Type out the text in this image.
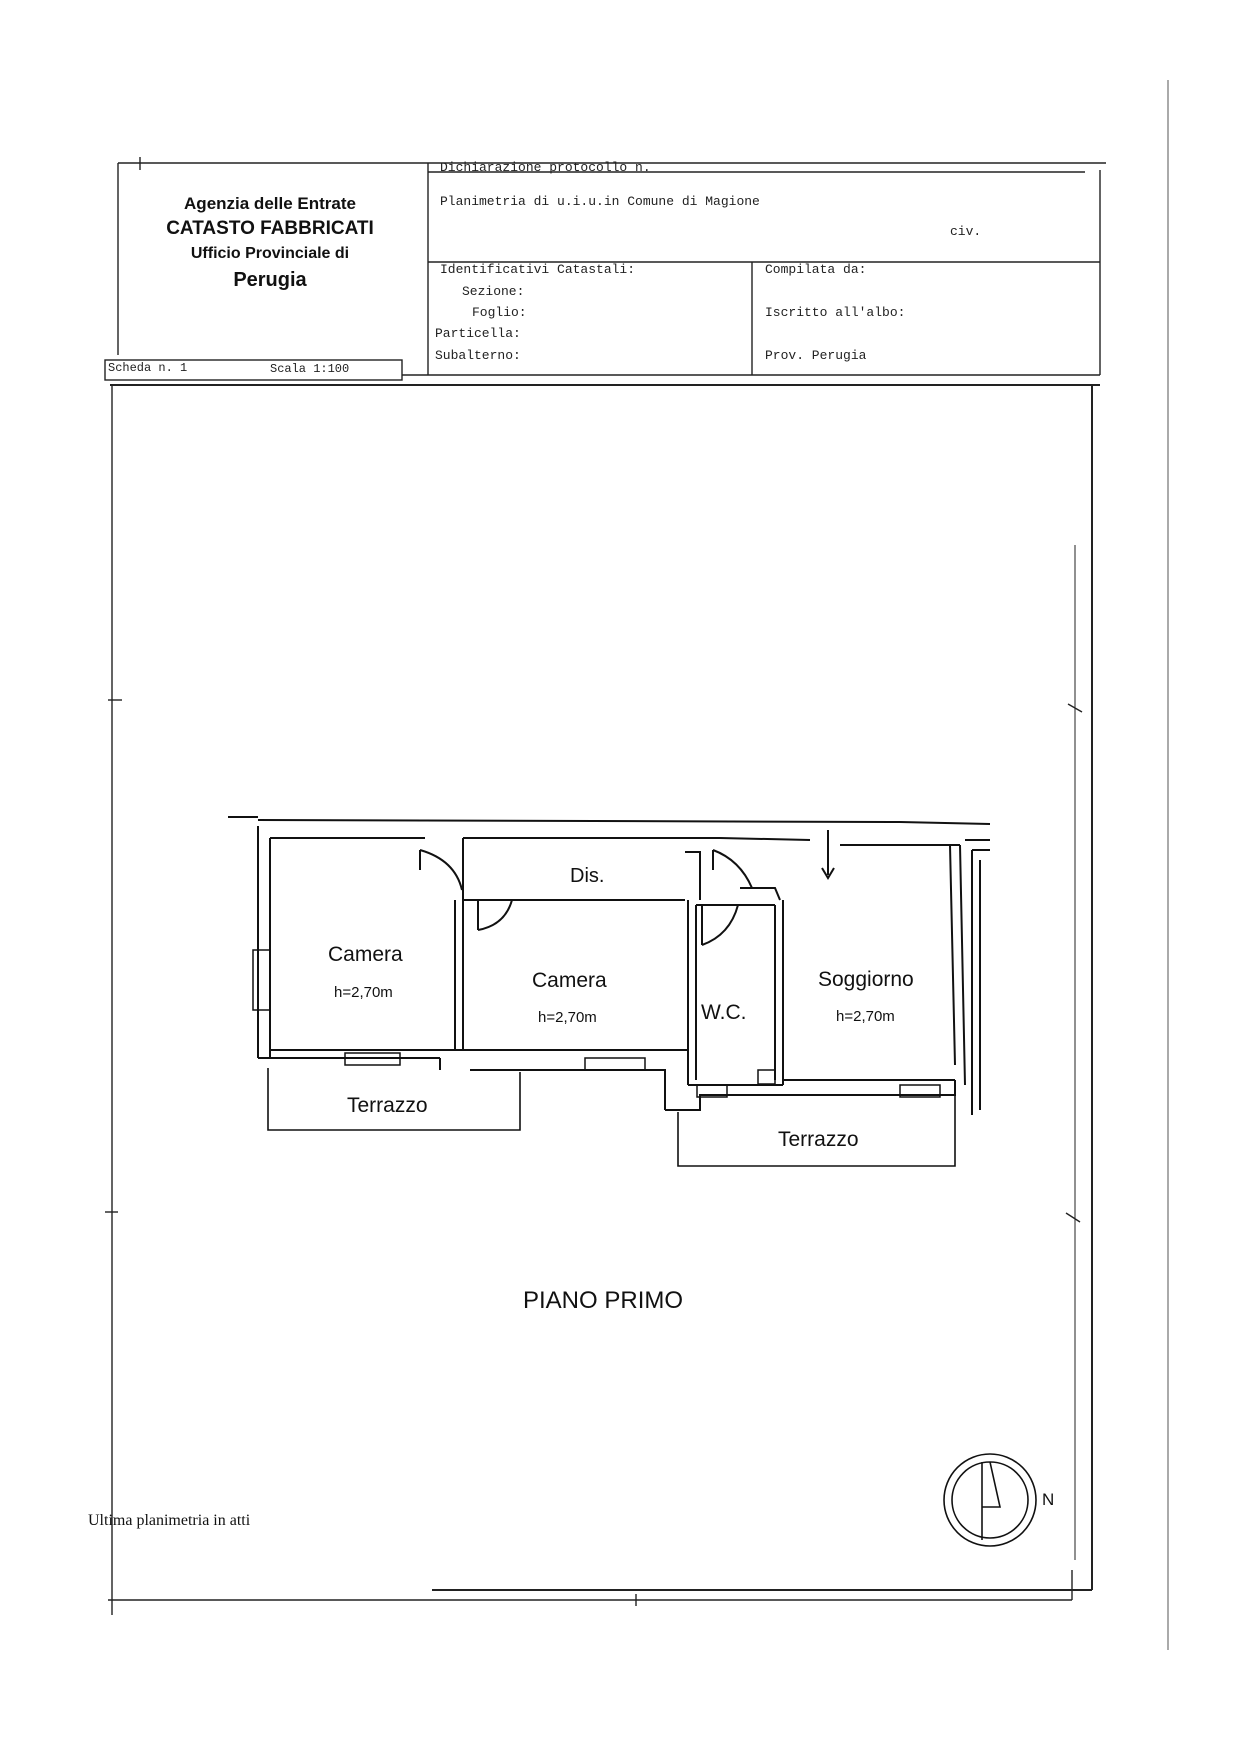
Agenzia delle Entrate
CATASTO FABBRICATI
Ufficio Provinciale di
Perugia
Dichiarazione protocollo n.
Planimetria di u.i.u.in Comune di Magione
civ.
Identificativi Catastali:
Sezione:
Foglio:
Particella:
Subalterno:
Compilata da:
Iscritto all'albo:
Prov. Perugia
Scheda n. 1	Scala 1:100
Dis.
Camera
h=2,70m
Camera
h=2,70m	W.C.
Soggiorno
h=2,70m
Terrazzo
Terrazzo
PIANO PRIMO
N
Ultima planimetria in atti
